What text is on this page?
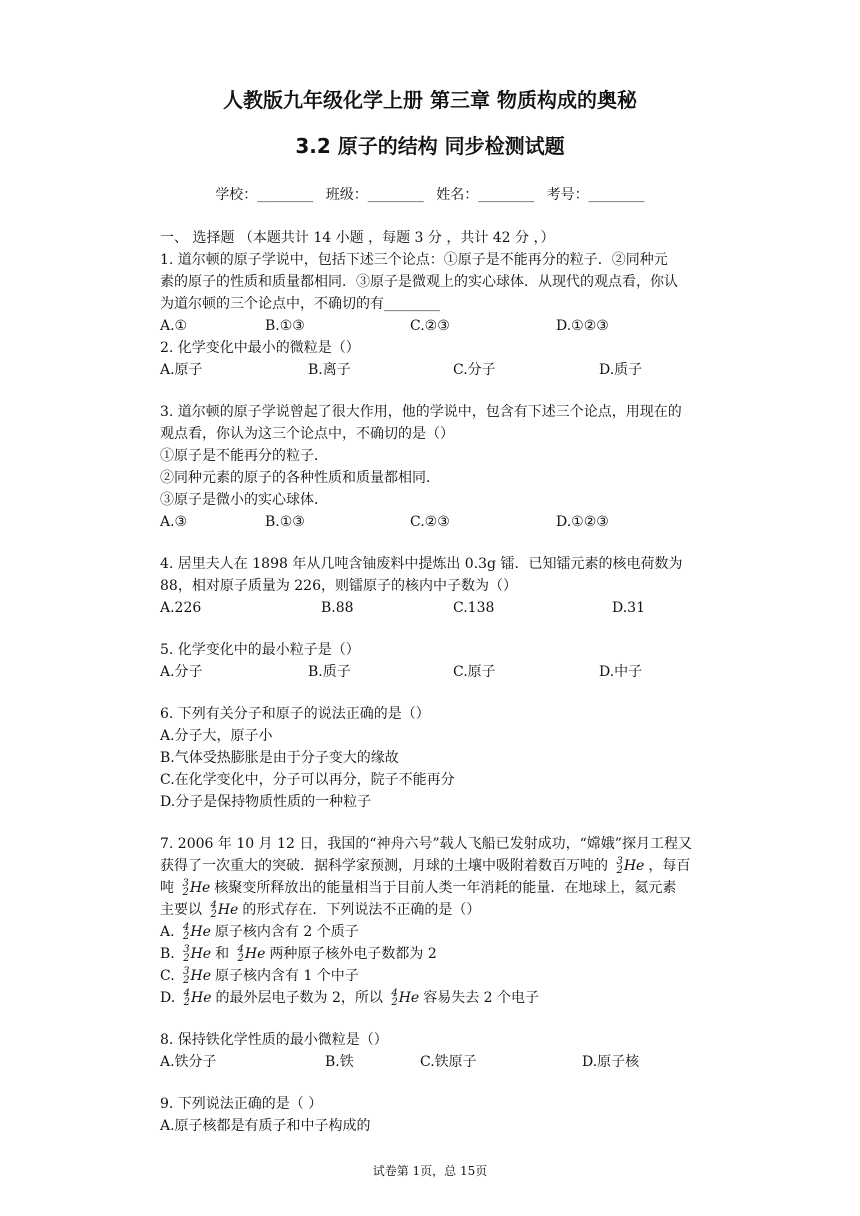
人教版九年级化学上册 第三章 物质构成的奥秘
3.2 原子的结构 同步检测试题
学校：________ 班级：________ 姓名：________ 考号：________
一、 选择题 （本题共计 14 小题 ，每题 3 分 ，共计 42 分 ，）
1. 道尔顿的原子学说中，包括下述三个论点：①原子是不能再分的粒子．②同种元
素的原子的性质和质量都相同．③原子是微观上的实心球体．从现代的观点看，你认
为道尔顿的三个论点中，不确切的有________
A.①	B.①③	C.②③	D.①②③
2. 化学变化中最小的微粒是（）
A.原子	B.离子	C.分子	D.质子
3. 道尔顿的原子学说曾起了很大作用，他的学说中，包含有下述三个论点，用现在的
观点看，你认为这三个论点中，不确切的是（）
①原子是不能再分的粒子．
②同种元素的原子的各种性质和质量都相同．
③原子是微小的实心球体．
A.③	B.①③	C.②③	D.①②③
4. 居里夫人在 1898 年从几吨含铀废料中提炼出 0.3g 镭．已知镭元素的核电荷数为
88，相对原子质量为 226，则镭原子的核内中子数为（）
A.226	B.88	C.138	D.31
5. 化学变化中的最小粒子是（）
A.分子	B.质子	C.原子	D.中子
6. 下列有关分子和原子的说法正确的是（）
A.分子大，原子小
B.气体受热膨胀是由于分子变大的缘故
C.在化学变化中，分子可以再分，院子不能再分
D.分子是保持物质性质的一种粒子
7. 2006 年 10 月 12 日，我国的“神舟六号”载人飞船已发射成功，“嫦娥”探月工程又
获得了一次重大的突破．据科学家预测，月球的土壤中吸附着数百万吨的 3
2He ，每百
吨 3
2He 核聚变所释放出的能量相当于目前人类一年消耗的能量．在地球上，氦元素
主要以 4
2He 的形式存在．下列说法不正确的是（）
A. 4
2He 原子核内含有 2 个质子
B. 3
2He 和 4
2He 两种原子核外电子数都为 2
C. 3
2He 原子核内含有 1 个中子
D. 4
2He 的最外层电子数为 2，所以 4
2He 容易失去 2 个电子
8. 保持铁化学性质的最小微粒是（）
A.铁分子	B.铁	C.铁原子	D.原子核
9. 下列说法正确的是（ ）
A.原子核都是有质子和中子构成的
试卷第 1页，总 15页
